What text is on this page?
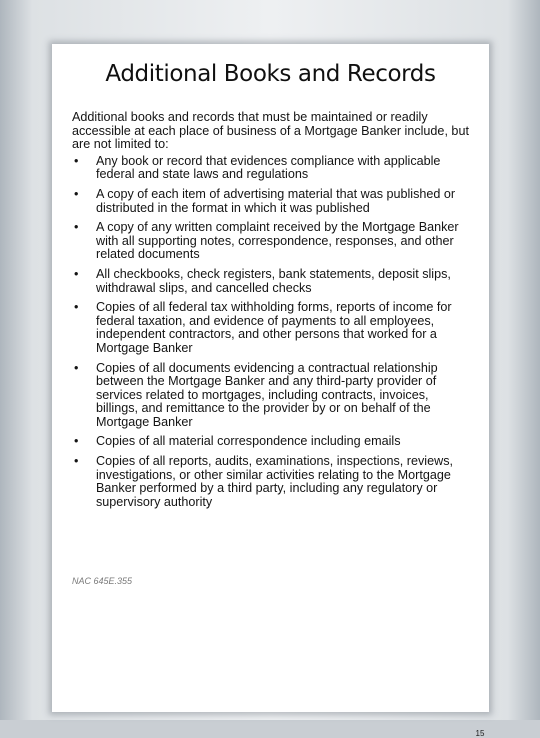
Additional Books and Records

Additional books and records that must be maintained or readily accessible at each place of business of a Mortgage Banker include, but are not limited to:

• Any book or record that evidences compliance with applicable federal and state laws and regulations
• A copy of each item of advertising material that was published or distributed in the format in which it was published
• A copy of any written complaint received by the Mortgage Banker with all supporting notes, correspondence, responses, and other related documents
• All checkbooks, check registers, bank statements, deposit slips, withdrawal slips, and cancelled checks
• Copies of all federal tax withholding forms, reports of income for federal taxation, and evidence of payments to all employees, independent contractors, and other persons that worked for a Mortgage Banker
• Copies of all documents evidencing a contractual relationship between the Mortgage Banker and any third-party provider of services related to mortgages, including contracts, invoices, billings, and remittance to the provider by or on behalf of the Mortgage Banker
• Copies of all material correspondence including emails
• Copies of all reports, audits, examinations, inspections, reviews, investigations, or other similar activities relating to the Mortgage Banker performed by a third party, including any regulatory or supervisory authority
NAC 645E.355
15
